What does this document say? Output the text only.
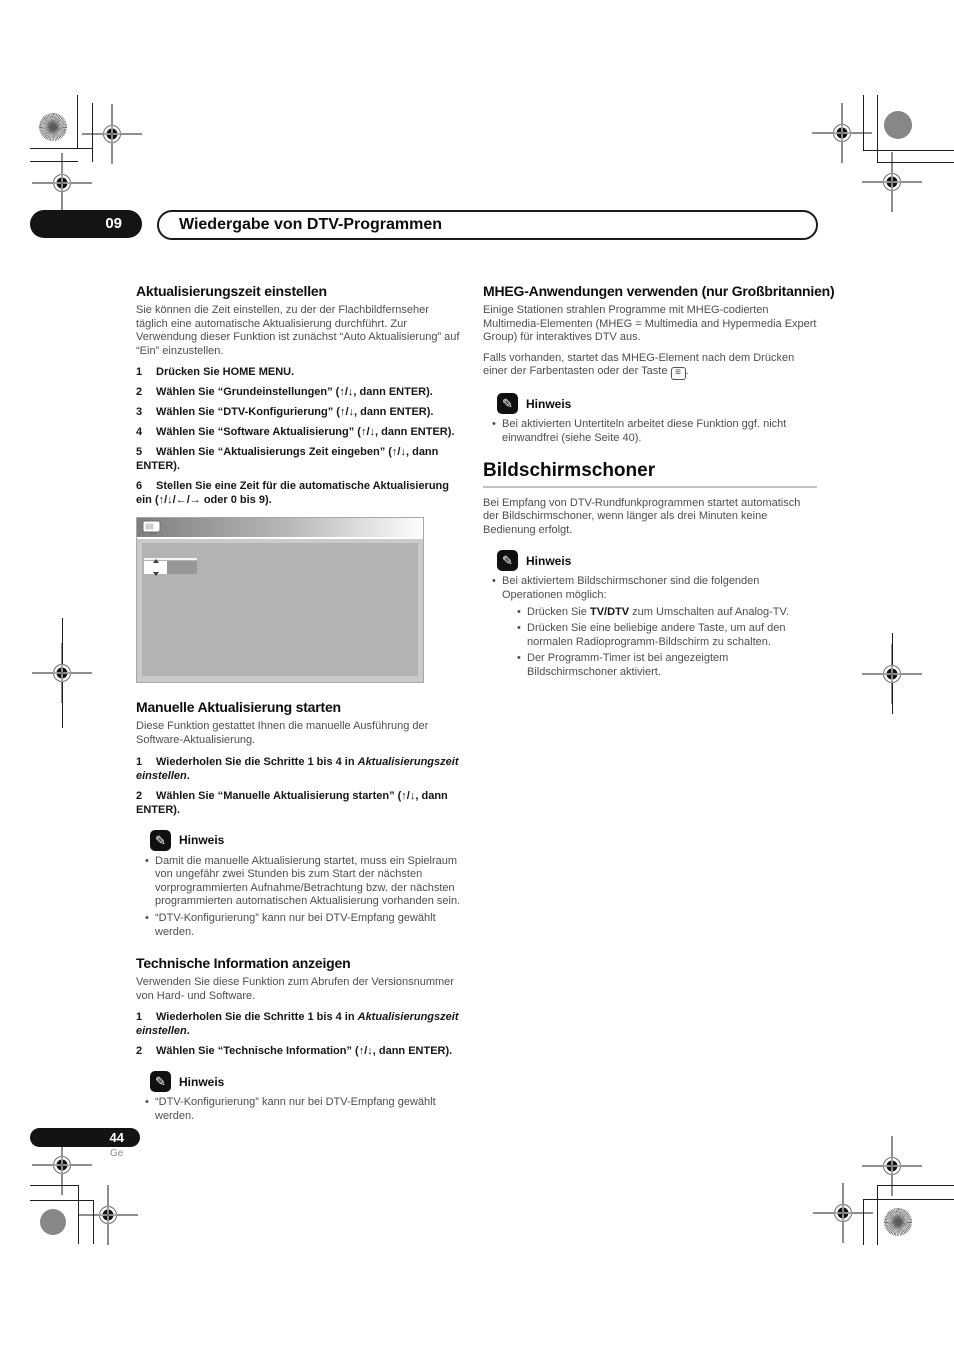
09	Wiedergabe von DTV-Programmen
Aktualisierungszeit einstellen

Sie können die Zeit einstellen, zu der der Flachbildfernseher täglich eine automatische Aktualisierung durchführt. Zur Verwendung dieser Funktion ist zunächst “Auto Aktualisierung” auf “Ein” einzustellen.

1 Drücken Sie HOME MENU.

2 Wählen Sie “Grundeinstellungen” (↑/↓, dann ENTER).

3 Wählen Sie “DTV-Konfigurierung” (↑/↓, dann ENTER).

4 Wählen Sie “Software Aktualisierung” (↑/↓, dann ENTER).

5 Wählen Sie “Aktualisierungs Zeit eingeben” (↑/↓, dann ENTER).

6 Stellen Sie eine Zeit für die automatische Aktualisierung ein (↑/↓/←/→ oder 0 bis 9).

Manuelle Aktualisierung starten

Diese Funktion gestattet Ihnen die manuelle Ausführung der Software-Aktualisierung.

1 Wiederholen Sie die Schritte 1 bis 4 in Aktualisierungszeit einstellen.

2 Wählen Sie “Manuelle Aktualisierung starten” (↑/↓, dann ENTER).

✎ Hinweis
• Damit die manuelle Aktualisierung startet, muss ein Spielraum von ungefähr zwei Stunden bis zum Start der nächsten vorprogrammierten Aufnahme/Betrachtung bzw. der nächsten programmierten automatischen Aktualisierung vorhanden sein.
• “DTV-Konfigurierung” kann nur bei DTV-Empfang gewählt werden.
Technische Information anzeigen

Verwenden Sie diese Funktion zum Abrufen der Versionsnummer von Hard- und Software.

1 Wiederholen Sie die Schritte 1 bis 4 in Aktualisierungszeit einstellen.

2 Wählen Sie “Technische Information” (↑/↓, dann ENTER).

✎ Hinweis
• “DTV-Konfigurierung” kann nur bei DTV-Empfang gewählt werden.
MHEG-Anwendungen verwenden (nur Großbritannien)

Einige Stationen strahlen Programme mit MHEG-codierten Multimedia-Elementen (MHEG = Multimedia and Hypermedia Expert Group) für interaktives DTV aus.

Falls vorhanden, startet das MHEG-Element nach dem Drücken einer der Farbentasten oder der Taste ≡ .

✎ Hinweis
• Bei aktivierten Untertiteln arbeitet diese Funktion ggf. nicht einwandfrei (siehe Seite 40).
Bildschirmschoner

Bei Empfang von DTV-Rundfunkprogrammen startet automatisch der Bildschirmschoner, wenn länger als drei Minuten keine Bedienung erfolgt.

✎ Hinweis
• Bei aktiviertem Bildschirmschoner sind die folgenden Operationen möglich:
• Drücken Sie TV/DTV zum Umschalten auf Analog-TV.
• Drücken Sie eine beliebige andere Taste, um auf den normalen Radioprogramm-Bildschirm zu schalten.
• Der Programm-Timer ist bei angezeigtem Bildschirmschoner aktiviert.
44
Ge
